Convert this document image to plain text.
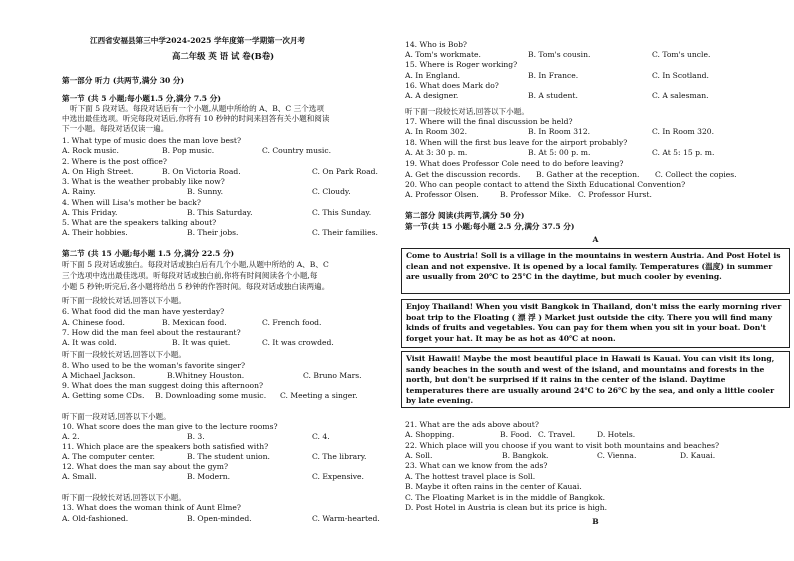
江西省安福县第三中学2024-2025 学年度第一学期第一次月考
高二年级 英 语 试 卷(B卷)
第一部分 听力 (共两节,满分 30 分)
第一节 (共 5 小题;每小题1.5 分,满分 7.5 分)
听下面 5 段对话。每段对话后有一个小题,从题中所给的 A、B、C 三个选项
中选出最佳选项。听完每段对话后,你将有 10 秒钟的时间来回答有关小题和阅读
下一小题。每段对话仅读一遍。
1. What type of music does the man love best?
A. Rock music.	B. Pop music.	C. Country music.
2. Where is the post office?
A. On High Street.	B. On Victoria Road.	C. On Park Road.
3. What is the weather probably like now?
A. Rainy.	B. Sunny.	C. Cloudy.
4. When will Lisa's mother be back?
A. This Friday.	B. This Saturday.	C. This Sunday.
5. What are the speakers talking about?
A. Their hobbies.	B. Their jobs.	C. Their families.
第二节 (共 15 小题;每小题 1.5 分,满分 22.5 分)
听下面 5 段对话或独白。每段对话或独白后有几个小题,从题中所给的 A、B、C
三个选项中选出最佳选项。听每段对话或独白前,你将有时间阅读各个小题,每
小题 5 秒钟;听完后,各小题将给出 5 秒钟的作答时间。每段对话或独白读两遍。
听下面一段较长对话,回答以下小题。
6. What food did the man have yesterday?
A. Chinese food.	B. Mexican food.	C. French food.
7. How did the man feel about the restaurant?
A. It was cold.	B. It was quiet.	C. It was crowded.
听下面一段较长对话,回答以下小题。
8. Who used to be the woman's favorite singer?
A Michael Jackson.	B.Whitney Houston.	C. Bruno Mars.
9. What does the man suggest doing this afternoon?
A. Getting some CDs. B. Downloading some music. C. Meeting a singer.
听下面一段对话,回答以下小题。
10. What score does the man give to the lecture rooms?
A. 2.	B. 3.	C. 4.
11. Which place are the speakers both satisfied with?
A. The computer center.	B. The student union.	C. The library.
12. What does the man say about the gym?
A. Small.	B. Modern.	C. Expensive.
听下面一段较长对话,回答以下小题。
13. What does the woman think of Aunt Elme?
A. Old-fashioned.	B. Open-minded.	C. Warm-hearted.
14. Who is Bob?
A. Tom's workmate.	B. Tom's cousin.	C. Tom's uncle.
15. Where is Roger working?
A. In England.	B. In France.	C. In Scotland.
16. What does Mark do?
A. A designer.	B. A student.	C. A salesman.
听下面一段较长对话,回答以下小题。
17. Where will the final discussion be held?
A. In Room 302.	B. In Room 312.	C. In Room 320.
18. When will the first bus leave for the airport probably?
A. At 3: 30 p. m.	B. At 5: 00 p. m.	C. At 5: 15 p. m.
19. What does Professor Cole need to do before leaving?
A. Get the discussion records. B. Gather at the reception. C. Collect the copies.
20. Who can people contact to attend the Sixth Educational Convention?
A. Professor Olsen.	B. Professor Mike. C. Professor Hurst.
第二部分 阅读(共两节,满分 50 分)
第一节(共 15 小题;每小题 2.5 分,满分 37.5 分)
A
Come to Austria! Soll is a village in the mountains in western Austria. And Post Hotel is clean and not expensive. It is opened by a local family. Temperatures (温度) in summer are usually from 20℃ to 25℃ in the daytime, but much cooler by evening.
Enjoy Thailand! When you visit Bangkok in Thailand, don't miss the early morning river boat trip to the Floating ( 漂 浮 ) Market just outside the city. There you will find many kinds of fruits and vegetables. You can pay for them when you sit in your boat. Don't forget your hat. It may be as hot as 40℃ at noon.
Visit Hawaii! Maybe the most beautiful place in Hawaii is Kauai. You can visit its long, sandy beaches in the south and west of the island, and mountains and forests in the north, but don't be surprised if it rains in the center of the island. Daytime temperatures there are usually around 24℃ to 26℃ by the sea, and only a little cooler by late evening.
21. What are the ads above about?
A. Shopping.	B. Food. C. Travel.	D. Hotels.
22. Which place will you choose if you want to visit both mountains and beaches?
A. Soll.	B. Bangkok.	C. Vienna.	D. Kauai.
23. What can we know from the ads?
A. The hottest travel place is Soll.
B. Maybe it often rains in the center of Kauai.
C. The Floating Market is in the middle of Bangkok.
D. Post Hotel in Austria is clean but its price is high.
B
